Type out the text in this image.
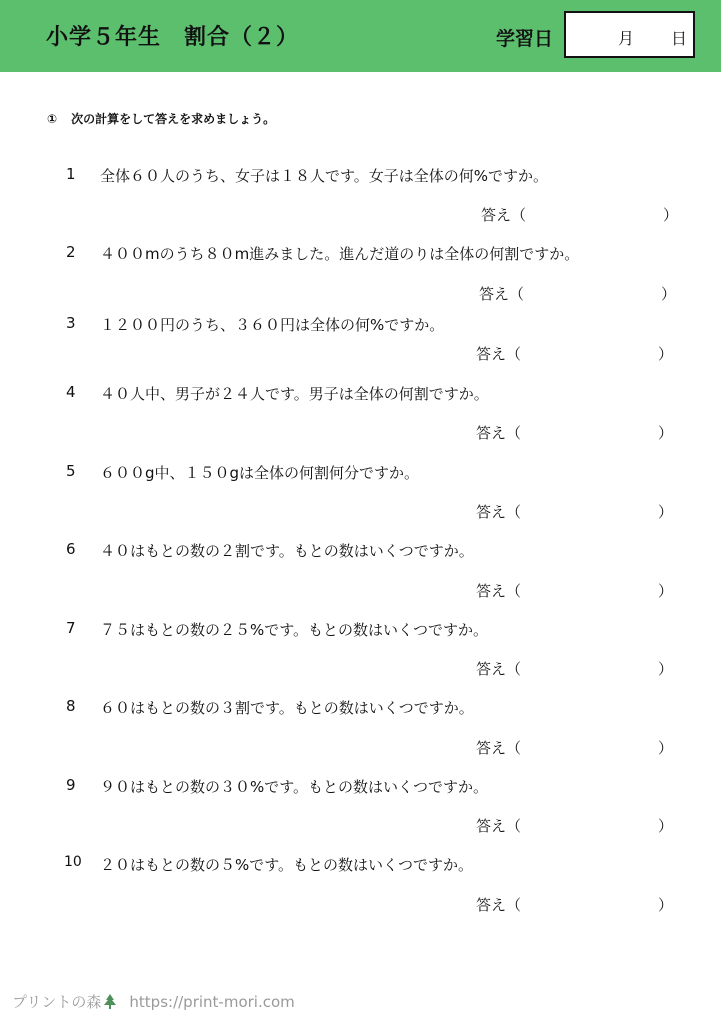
小学５年生　割合（２）	学習日	月 日
① 次の計算をして答えを求めましょう。
1	全体６０人のうち、女子は１８人です。女子は全体の何%ですか。
答え（	）
2	４００mのうち８０m進みました。進んだ道のりは全体の何割ですか。
答え（	）
3	１２００円のうち、３６０円は全体の何%ですか。
答え（	）
4	４０人中、男子が２４人です。男子は全体の何割ですか。
答え（	）
5	６００g中、１５０gは全体の何割何分ですか。
答え（	）
6	４０はもとの数の２割です。もとの数はいくつですか。
答え（	）
7	７５はもとの数の２５%です。もとの数はいくつですか。
答え（	）
8	６０はもとの数の３割です。もとの数はいくつですか。
答え（	）
9	９０はもとの数の３０%です。もとの数はいくつですか。
答え（	）
10	２０はもとの数の５%です。もとの数はいくつですか。
答え（	）
プリントの森 https://print-mori.com
